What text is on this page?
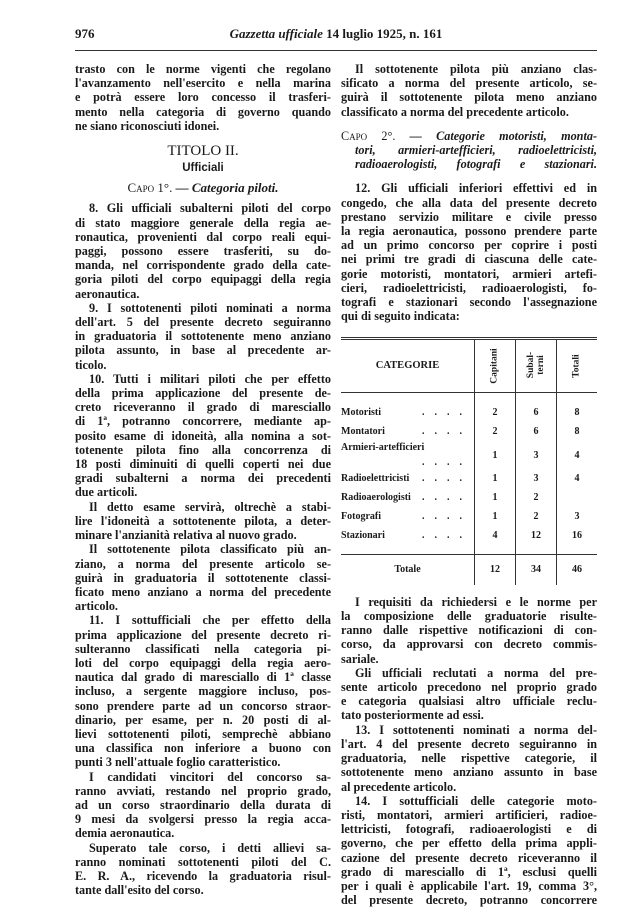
976	Gazzetta ufficiale 14 luglio 1925, n. 161
trasto con le norme vigenti che regolano
l'avanzamento nell'esercito e nella marina
e potrà essere loro concesso il trasferi-
mento nella categoria di governo quando
ne siano riconosciuti idonei.
TITOLO II.
Ufficiali
Capo 1°. — Categoria piloti.
8. Gli ufficiali subalterni piloti del corpo
di stato maggiore generale della regia ae-
ronautica, provenienti dal corpo reali equi-
paggi, possono essere trasferiti, su do-
manda, nel corrispondente grado della cate-
goria piloti del corpo equipaggi della regia
aeronautica.
9. I sottotenenti piloti nominati a norma
dell'art. 5 del presente decreto seguiranno
in graduatoria il sottotenente meno anziano
pilota assunto, in base al precedente ar-
ticolo.
10. Tutti i militari piloti che per effetto
della prima applicazione del presente de-
creto riceveranno il grado di maresciallo
di 1ª, potranno concorrere, mediante ap-
posito esame di idoneità, alla nomina a sot-
totenente pilota fino alla concorrenza di
18 posti diminuiti di quelli coperti nei due
gradi subalterni a norma dei precedenti
due articoli.
Il detto esame servirà, oltrechè a stabi-
lire l'idoneità a sottotenente pilota, a deter-
minare l'anzianità relativa al nuovo grado.
Il sottotenente pilota classificato più an-
ziano, a norma del presente articolo se-
guirà in graduatoria il sottotenente classi-
ficato meno anziano a norma del precedente
articolo.
11. I sottufficiali che per effetto della
prima applicazione del presente decreto ri-
sulteranno classificati nella categoria pi-
loti del corpo equipaggi della regia aero-
nautica dal grado di maresciallo di 1ª classe
incluso, a sergente maggiore incluso, pos-
sono prendere parte ad un concorso straor-
dinario, per esame, per n. 20 posti di al-
lievi sottotenenti piloti, semprechè abbiano
una classifica non inferiore a buono con
punti 3 nell'attuale foglio caratteristico.
I candidati vincitori del concorso sa-
ranno avviati, restando nel proprio grado,
ad un corso straordinario della durata di
9 mesi da svolgersi presso la regia acca-
demia aeronautica.
Superato tale corso, i detti allievi sa-
ranno nominati sottotenenti piloti del C.
E. R. A., ricevendo la graduatoria risul-
tante dall'esito del corso.
Il sottotenente pilota più anziano clas-
sificato a norma del presente articolo, se-
guirà il sottotenente pilota meno anziano
classificato a norma del precedente articolo.
Capo 2°. — Categorie motoristi, monta-
tori, armieri-artefficieri, radioelettricisti,
radioaerologisti, fotografi e stazionari.
12. Gli ufficiali inferiori effettivi ed in
congedo, che alla data del presente decreto
prestano servizio militare e civile presso
la regia aeronautica, possono prendere parte
ad un primo concorso per coprire i posti
nei primi tre gradi di ciascuna delle cate-
gorie motoristi, montatori, armieri artefi-
cieri, radioelettricisti, radioaerologisti, fo-
tografi e stazionari secondo l'assegnazione
qui di seguito indicata:
CATEGORIE	Capitani	Subal-
terni	Totali
Motoristi ....	2	6	8
Montatori ....	2	6	8
Armieri-artefficieri
....	1	3	4
Radioelettricisti ....	1	3	4
Radioaerologisti ....	1	2	
Fotografi ....	1	2	3
Stazionari ....	4	12	16

Totale	12	34	46
I requisiti da richiedersi e le norme per
la composizione delle graduatorie risulte-
ranno dalle rispettive notificazioni di con-
corso, da approvarsi con decreto commis-
sariale.
Gli ufficiali reclutati a norma del pre-
sente articolo precedono nel proprio grado
e categoria qualsiasi altro ufficiale reclu-
tato posteriormente ad essi.
13. I sottotenenti nominati a norma del-
l'art. 4 del presente decreto seguiranno in
graduatoria, nelle rispettive categorie, il
sottotenente meno anziano assunto in base
al precedente articolo.
14. I sottufficiali delle categorie moto-
risti, montatori, armieri artificieri, radioe-
lettricisti, fotografi, radioaerologisti e di
governo, che per effetto della prima appli-
cazione del presente decreto riceveranno il
grado di maresciallo di 1ª, esclusi quelli
per i quali è applicabile l'art. 19, comma 3°,
del presente decreto, potranno concorrere
